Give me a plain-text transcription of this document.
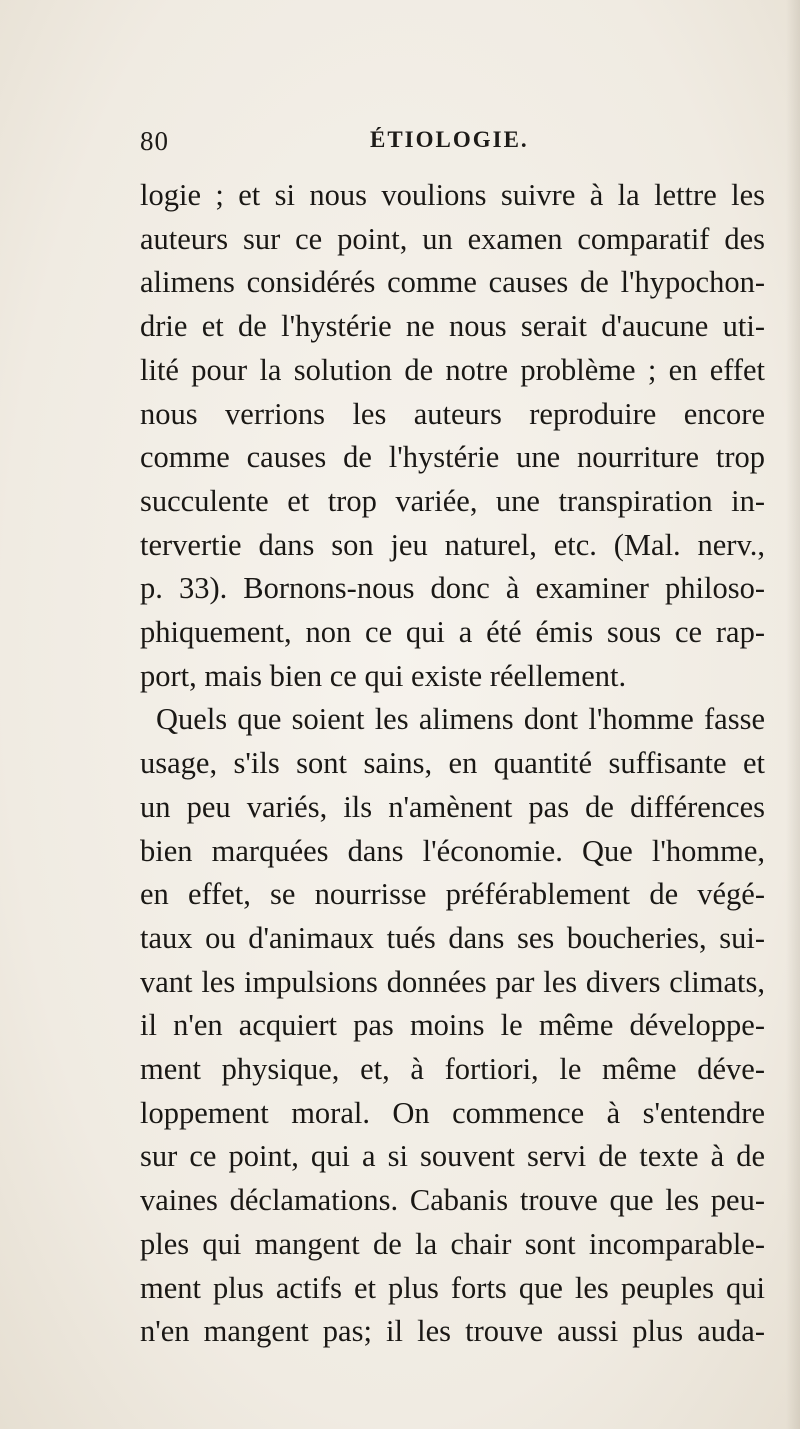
80	ÉTIOLOGIE.
logie ; et si nous voulions suivre à la lettre les
auteurs sur ce point, un examen comparatif des
alimens considérés comme causes de l'hypochon-
drie et de l'hystérie ne nous serait d'aucune uti-
lité pour la solution de notre problème ; en effet
nous verrions les auteurs reproduire encore
comme causes de l'hystérie une nourriture trop
succulente et trop variée, une transpiration in-
tervertie dans son jeu naturel, etc. (Mal. nerv.,
p. 33). Bornons-nous donc à examiner philoso-
phiquement, non ce qui a été émis sous ce rap-
port, mais bien ce qui existe réellement.
Quels que soient les alimens dont l'homme fasse
usage, s'ils sont sains, en quantité suffisante et
un peu variés, ils n'amènent pas de différences
bien marquées dans l'économie. Que l'homme,
en effet, se nourrisse préférablement de végé-
taux ou d'animaux tués dans ses boucheries, sui-
vant les impulsions données par les divers climats,
il n'en acquiert pas moins le même développe-
ment physique, et, à fortiori, le même déve-
loppement moral. On commence à s'entendre
sur ce point, qui a si souvent servi de texte à de
vaines déclamations. Cabanis trouve que les peu-
ples qui mangent de la chair sont incomparable-
ment plus actifs et plus forts que les peuples qui
n'en mangent pas; il les trouve aussi plus auda-
